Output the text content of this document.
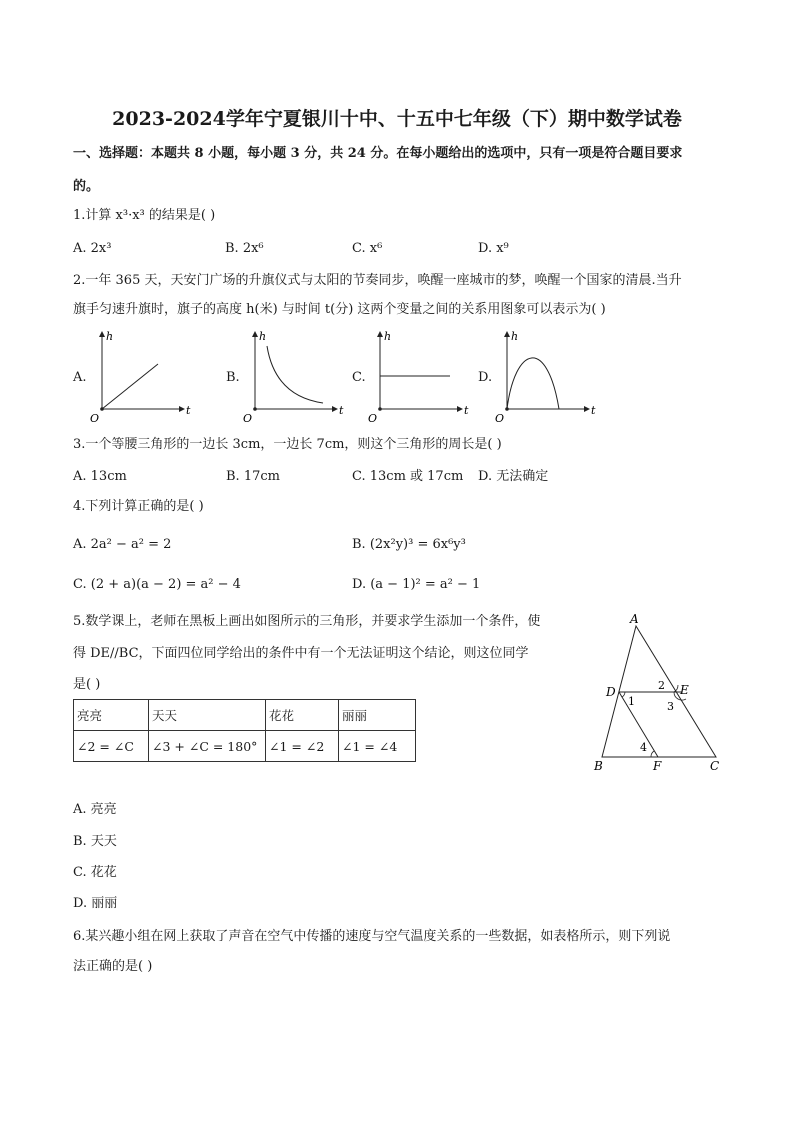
2023-2024学年宁夏银川十中、十五中七年级（下）期中数学试卷
一、选择题：本题共 8 小题，每小题 3 分，共 24 分。在每小题给出的选项中，只有一项是符合题目要求
的。
1.计算 x³·x³ 的结果是( )
A. 2x³	B. 2x⁶	C. x⁶	D. x⁹
2.一年 365 天，天安门广场的升旗仪式与太阳的节奏同步，唤醒一座城市的梦，唤醒一个国家的清晨.当升
旗手匀速升旗时，旗子的高度 h(米) 与时间 t(分) 这两个变量之间的关系用图象可以表示为( )
A.	B.	C.	D.
h
t
O
h
t
O
h
t
O
h
t
O
3.一个等腰三角形的一边长 3cm，一边长 7cm，则这个三角形的周长是( )
A. 13cm	B. 17cm	C. 13cm 或 17cm D. 无法确定
4.下列计算正确的是( )
A. 2a² − a² = 2	B. (2x²y)³ = 6x⁶y³
C. (2 + a)(a − 2) = a² − 4	D. (a − 1)² = a² − 1
5.数学课上，老师在黑板上画出如图所示的三角形，并要求学生添加一个条件，使
得 DE//BC，下面四位同学给出的条件中有一个无法证明这个结论，则这位同学
是( )
亮亮	天天	花花	丽丽
∠2 = ∠C	∠3 + ∠C = 180°	∠1 = ∠2	∠1 = ∠4
A
B	C
D	E
F
1
2
3
4
A. 亮亮
B. 天天
C. 花花
D. 丽丽
6.某兴趣小组在网上获取了声音在空气中传播的速度与空气温度关系的一些数据，如表格所示，则下列说
法正确的是( )
